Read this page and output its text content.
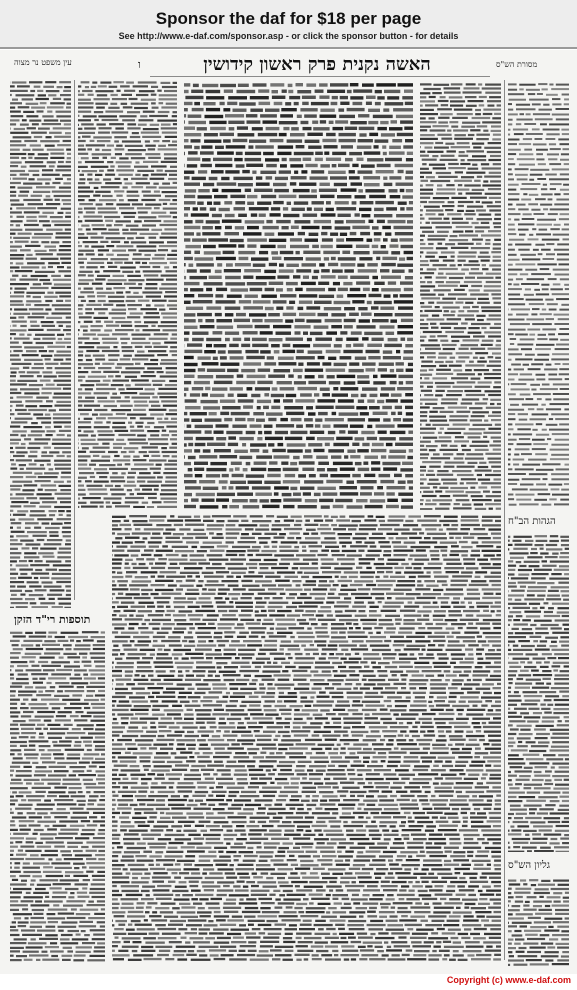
Sponsor the daf for $18 per page
See http://www.e-daf.com/sponsor.asp - or click the sponsor button - for details
עין משפט נר מצוה	ו	האשה נקנית פרק ראשון קידושין	מסורת הש"ס
תוספות רי"ד הזקן
הגהות הב"ח
גליון הש"ס
Copyright (c) www.e-daf.com
